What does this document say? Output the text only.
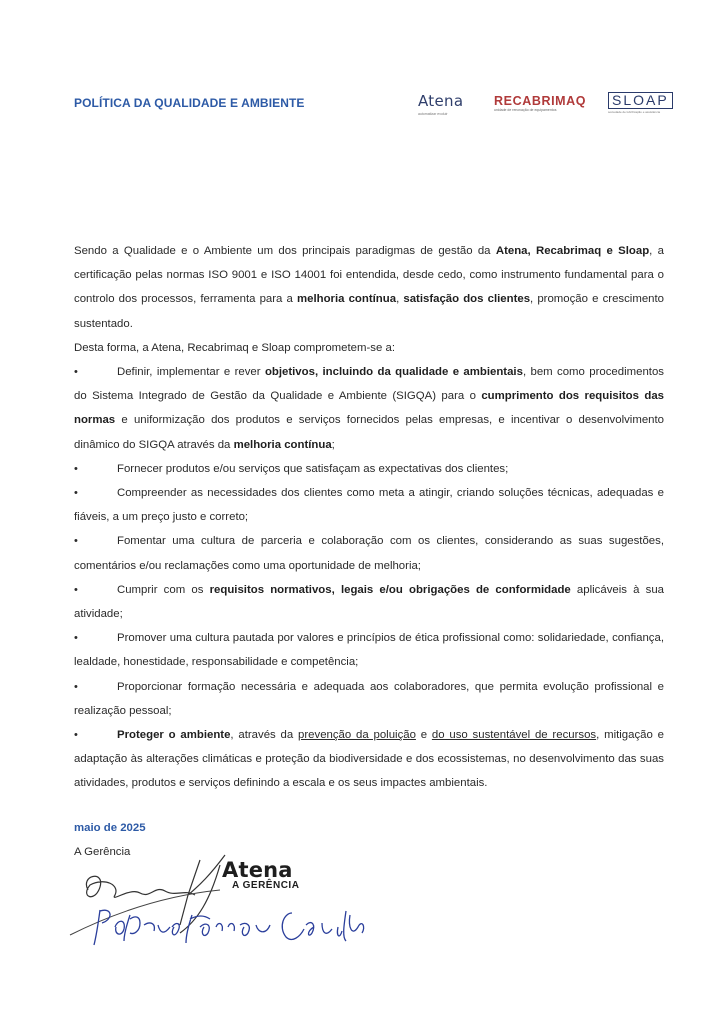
POLÍTICA DA QUALIDADE E AMBIENTE	Atena
automatizar evoluir
RECABRIMAQ
unidade de renovação de equipamentos
SLOAP
sociedade de lubrificação e assistência

Sendo a Qualidade e o Ambiente um dos principais paradigmas de gestão da Atena, Recabrimaq e Sloap, a certificação pelas normas ISO 9001 e ISO 14001 foi entendida, desde cedo, como instrumento fundamental para o controlo dos processos, ferramenta para a melhoria contínua, satisfação dos clientes, promoção e crescimento sustentado.

Desta forma, a Atena, Recabrimaq e Sloap comprometem-se a:

•	Definir, implementar e rever objetivos, incluindo da qualidade e ambientais, bem como procedimentos do Sistema Integrado de Gestão da Qualidade e Ambiente (SIGQA) para o cumprimento dos requisitos das normas e uniformização dos produtos e serviços fornecidos pelas empresas, e incentivar o desenvolvimento dinâmico do SIGQA através da melhoria contínua;
•	Fornecer produtos e/ou serviços que satisfaçam as expectativas dos clientes;
•	Compreender as necessidades dos clientes como meta a atingir, criando soluções técnicas, adequadas e fiáveis, a um preço justo e correto;
•	Fomentar uma cultura de parceria e colaboração com os clientes, considerando as suas sugestões, comentários e/ou reclamações como uma oportunidade de melhoria;
•	Cumprir com os requisitos normativos, legais e/ou obrigações de conformidade aplicáveis à sua atividade;
•	Promover uma cultura pautada por valores e princípios de ética profissional como: solidariedade, confiança, lealdade, honestidade, responsabilidade e competência;
•	Proporcionar formação necessária e adequada aos colaboradores, que permita evolução profissional e realização pessoal;
•	Proteger o ambiente, através da prevenção da poluição e do uso sustentável de recursos, mitigação e adaptação às alterações climáticas e proteção da biodiversidade e dos ecossistemas, no desenvolvimento das suas atividades, produtos e serviços definindo a escala e os seus impactes ambientais.
maio de 2025
A Gerência
Atena
A GERÊNCIA
